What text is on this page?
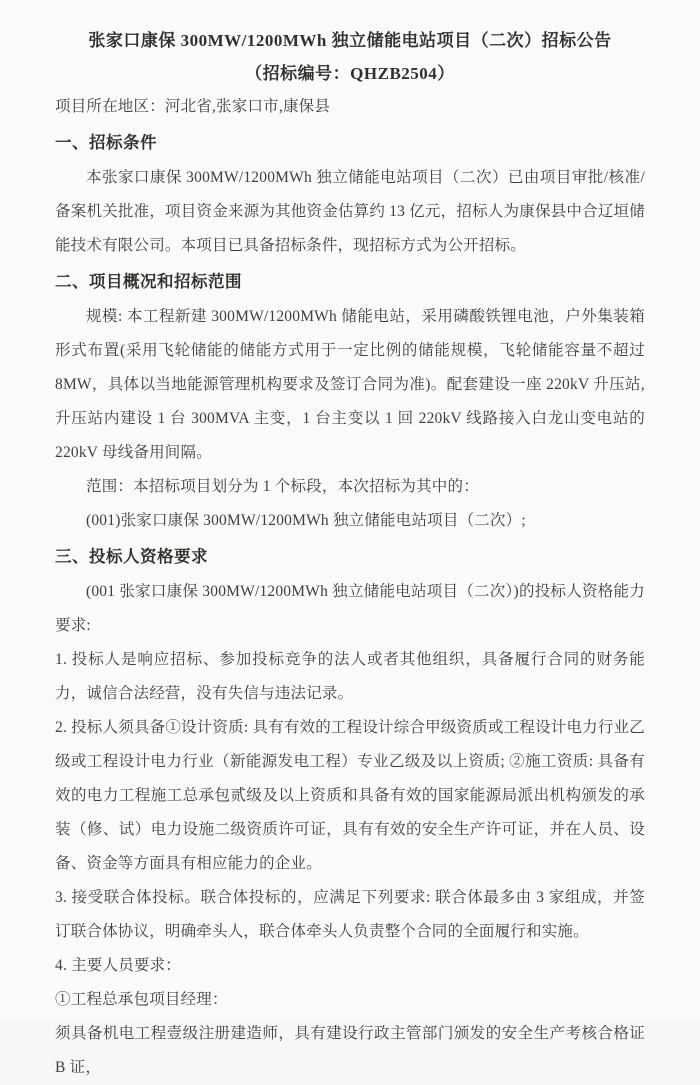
张家口康保 300MW/1200MWh 独立储能电站项目（二次）招标公告
（招标编号：QHZB2504）

项目所在地区：河北省,张家口市,康保县

一、招标条件

本张家口康保 300MW/1200MWh 独立储能电站项目（二次）已由项目审批/核准/备案机关批准，项目资金来源为其他资金估算约 13 亿元，招标人为康保县中合辽垣储能技术有限公司。本项目已具备招标条件，现招标方式为公开招标。

二、项目概况和招标范围

规模: 本工程新建 300MW/1200MWh 储能电站，采用磷酸铁锂电池，户外集装箱形式布置(采用飞轮储能的储能方式用于一定比例的储能规模，飞轮储能容量不超过 8MW，具体以当地能源管理机构要求及签订合同为准)。配套建设一座 220kV 升压站,升压站内建设 1 台 300MVA 主变，1 台主变以 1 回 220kV 线路接入白龙山变电站的 220kV 母线备用间隔。

范围：本招标项目划分为 1 个标段，本次招标为其中的：

(001)张家口康保 300MW/1200MWh 独立储能电站项目（二次）;

三、投标人资格要求

(001 张家口康保 300MW/1200MWh 独立储能电站项目（二次）)的投标人资格能力要求:

1. 投标人是响应招标、参加投标竞争的法人或者其他组织，具备履行合同的财务能力，诚信合法经营，没有失信与违法记录。

2. 投标人须具备①设计资质: 具有有效的工程设计综合甲级资质或工程设计电力行业乙级或工程设计电力行业（新能源发电工程）专业乙级及以上资质; ②施工资质: 具备有效的电力工程施工总承包贰级及以上资质和具备有效的国家能源局派出机构颁发的承装（修、试）电力设施二级资质许可证，具有有效的安全生产许可证，并在人员、设备、资金等方面具有相应能力的企业。

3. 接受联合体投标。联合体投标的，应满足下列要求: 联合体最多由 3 家组成，并签订联合体协议，明确牵头人，联合体牵头人负责整个合同的全面履行和实施。

4. 主要人员要求：

①工程总承包项目经理：

须具备机电工程壹级注册建造师，具有建设行政主管部门颁发的安全生产考核合格证 B 证，
